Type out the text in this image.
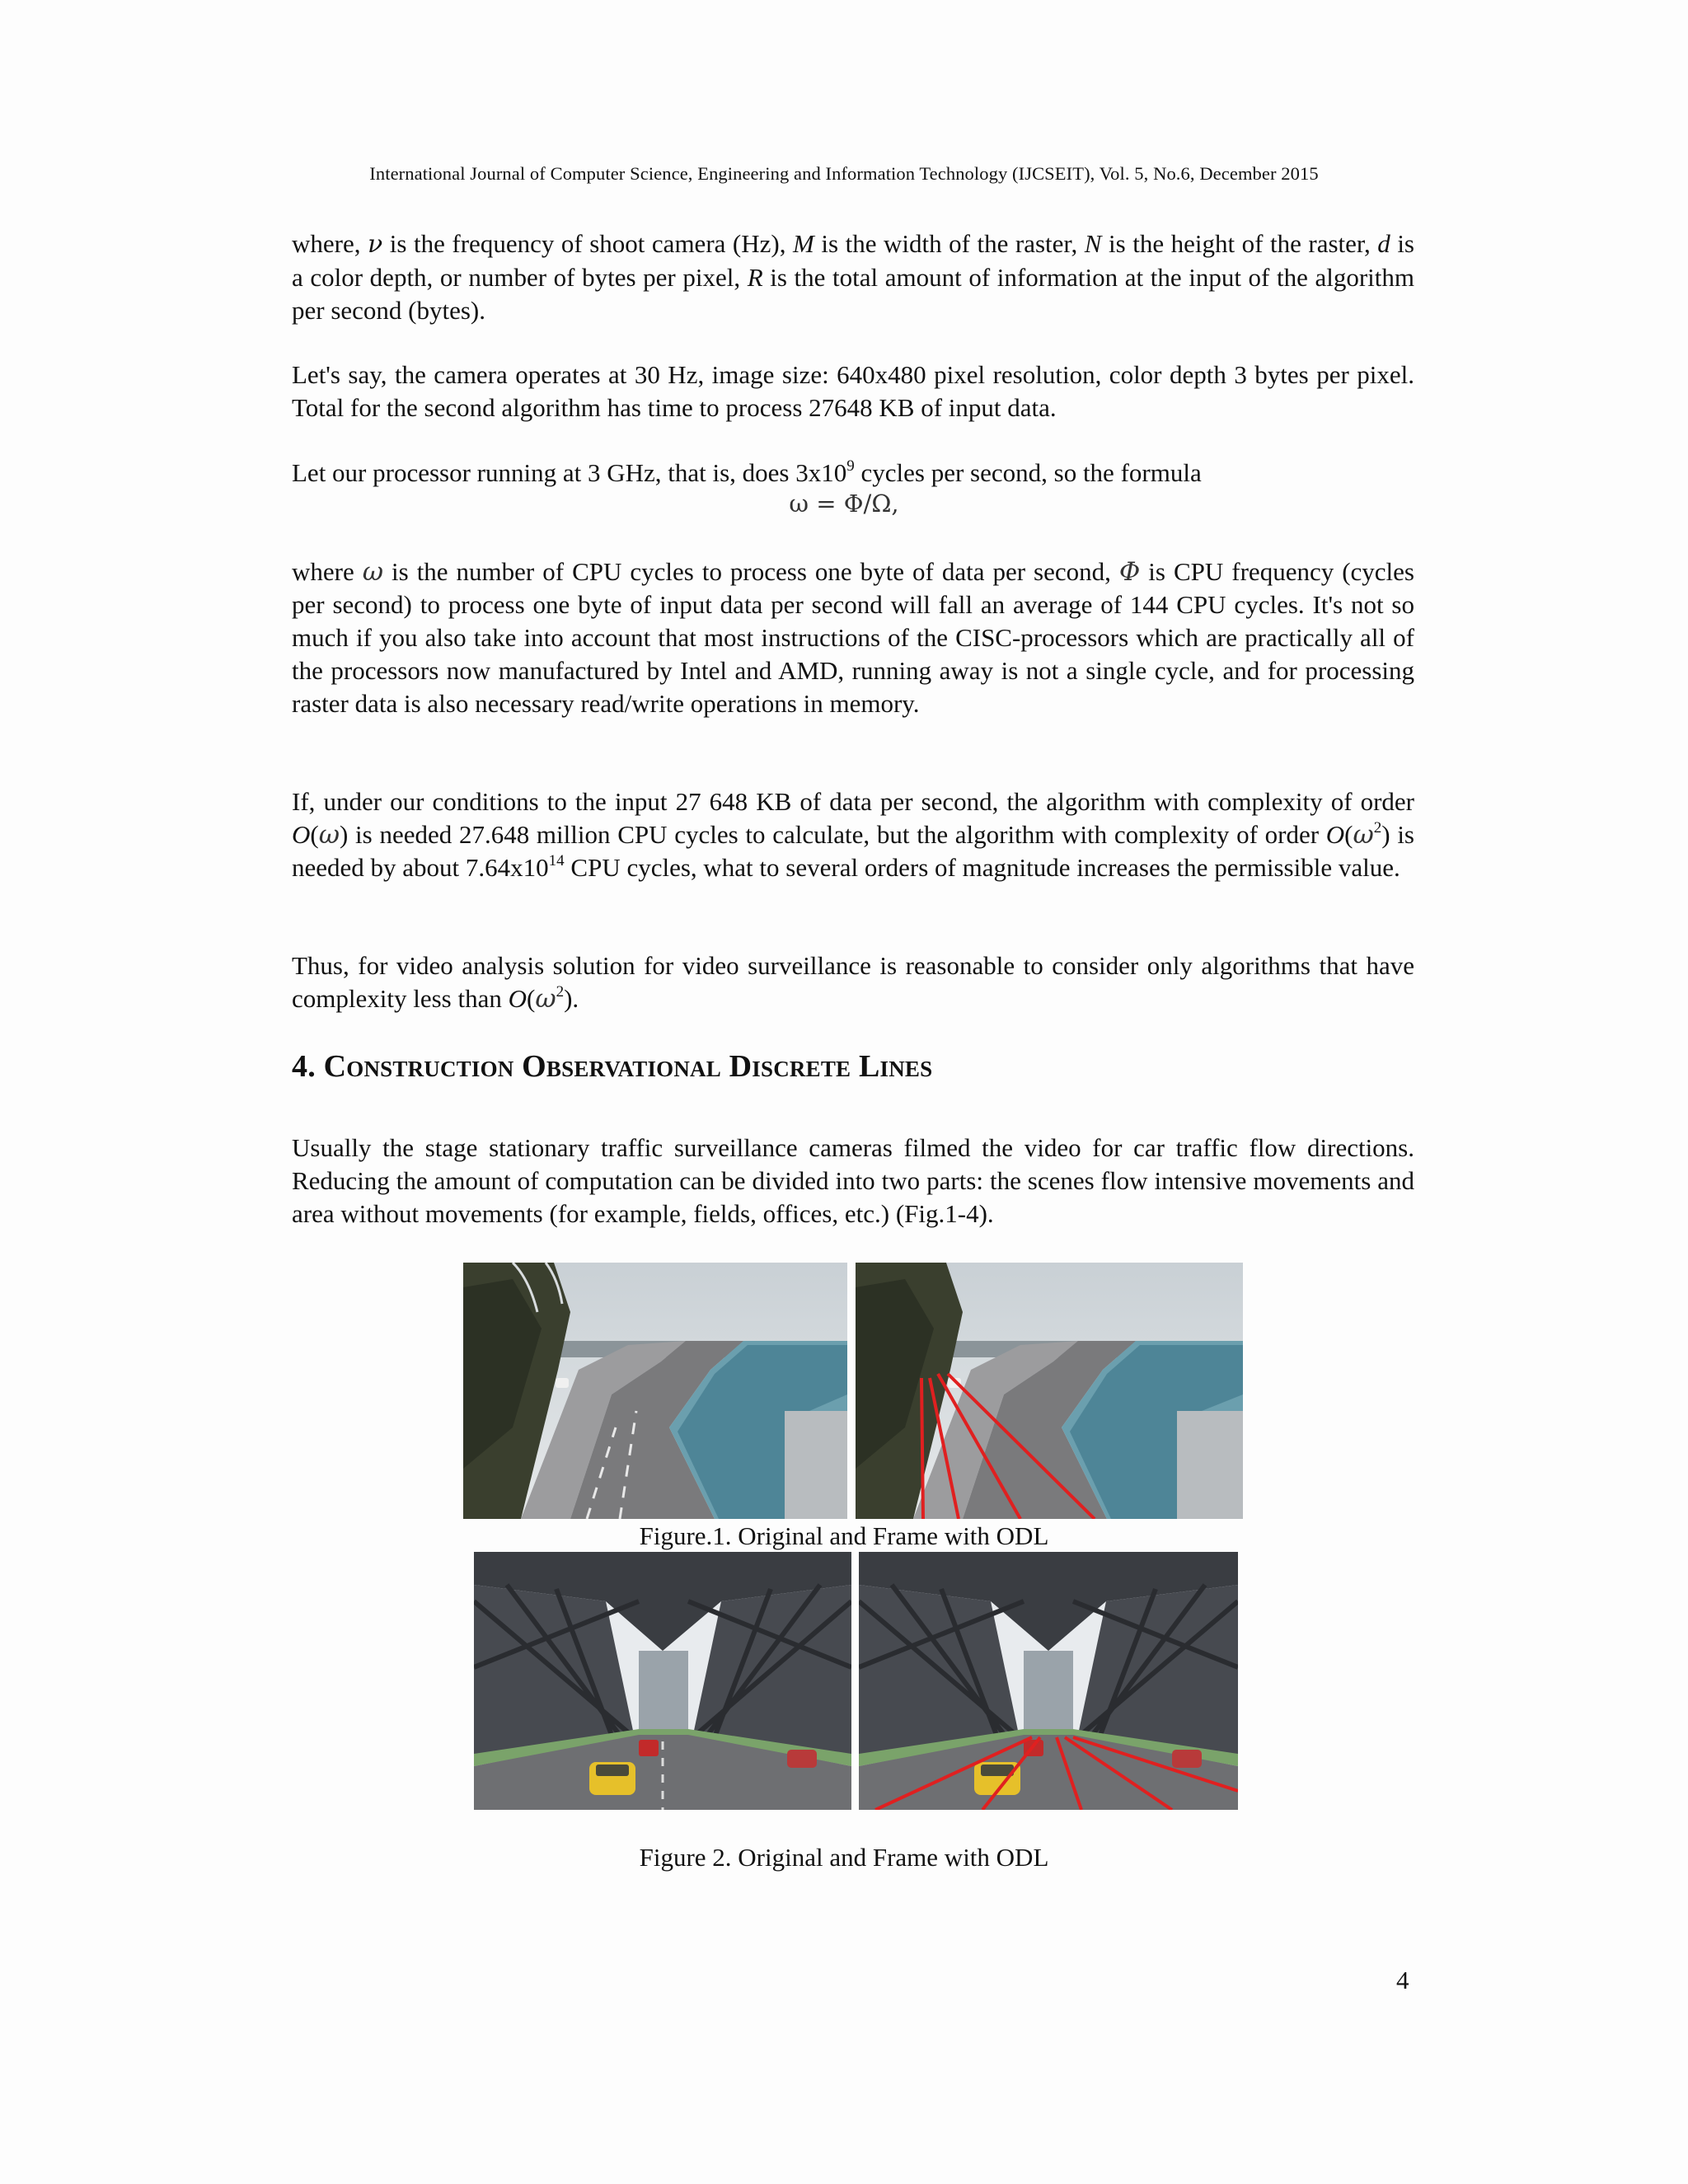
International Journal of Computer Science, Engineering and Information Technology (IJCSEIT), Vol. 5, No.6, December 2015

where, ν is the frequency of shoot camera (Hz), M is the width of the raster, N is the height of the raster, d is a color depth, or number of bytes per pixel, R is the total amount of information at the input of the algorithm per second (bytes).

Let's say, the camera operates at 30 Hz, image size: 640x480 pixel resolution, color depth 3 bytes per pixel. Total for the second algorithm has time to process 27648 KB of input data.

Let our processor running at 3 GHz, that is, does $3x10^9$ cycles per second, so the formula

ω = Φ/Ω,

where ω is the number of CPU cycles to process one byte of data per second, Φ is CPU frequency (cycles per second) to process one byte of input data per second will fall an average of 144 CPU cycles. It's not so much if you also take into account that most instructions of the CISC-processors which are practically all of the processors now manufactured by Intel and AMD, running away is not a single cycle, and for processing raster data is also necessary read/write operations in memory.

If, under our conditions to the input 27 648 KB of data per second, the algorithm with complexity of order O(ω) is needed 27.648 million CPU cycles to calculate, but the algorithm with complexity of order $O(\omega^2)$ is needed by about $7.64x10^{14}$ CPU cycles, what to several orders of magnitude increases the permissible value.

Thus, for video analysis solution for video surveillance is reasonable to consider only algorithms that have complexity less than $O(\omega^2)$.

4. Construction Observational Discrete Lines

Usually the stage stationary traffic surveillance cameras filmed the video for car traffic flow directions. Reducing the amount of computation can be divided into two parts: the scenes flow intensive movements and area without movements (for example, fields, offices, etc.) (Fig.1-4).

Figure.1. Original and Frame with ODL
Figure 2. Original and Frame with ODL
4
